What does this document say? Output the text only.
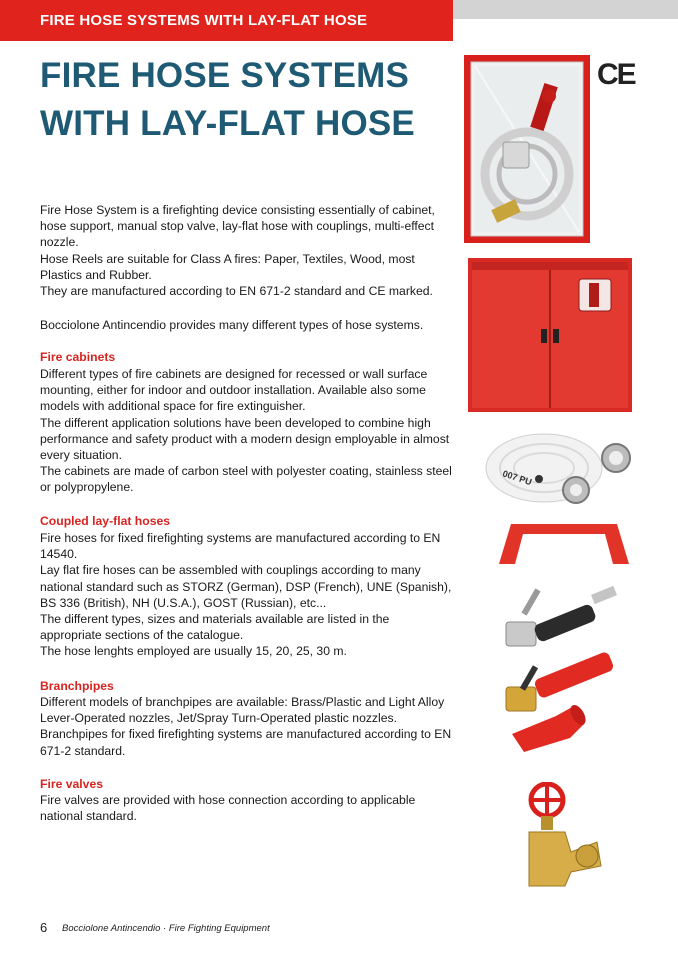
FIRE HOSE SYSTEMS WITH LAY-FLAT HOSE
FIRE HOSE SYSTEMS WITH LAY-FLAT HOSE
CE

Fire Hose System is a firefighting device consisting essentially of cabinet, hose support, manual stop valve, lay-flat hose with couplings, multi-effect nozzle.

Hose Reels are suitable for Class A fires: Paper, Textiles, Wood, most Plastics and Rubber.

They are manufactured according to EN 671-2 standard and CE marked.

Bocciolone Antincendio provides many different types of hose systems.

Fire cabinets

Different types of fire cabinets are designed for recessed or wall surface mounting, either for indoor and outdoor installation. Available also some models with additional space for fire extinguisher.

The different application solutions have been developed to combine high performance and safety product with a modern design employable in almost every situation.

The cabinets are made of carbon steel with polyester coating, stainless steel or polypropylene.

Coupled lay-flat hoses

Fire hoses for fixed firefighting systems are manufactured according to EN 14540.

Lay flat fire hoses can be assembled with couplings according to many national standard such as STORZ (German), DSP (French), UNE (Spanish), BS 336 (British), NH (U.S.A.), GOST (Russian), etc...

The different types, sizes and materials available are listed in the appropriate sections of the catalogue.

The hose lenghts employed are usually 15, 20, 25, 30 m.

Branchpipes

Different models of branchpipes are available: Brass/Plastic and Light Alloy Lever-Operated nozzles, Jet/Spray Turn-Operated plastic nozzles.

Branchpipes for fixed firefighting systems are manufactured according to EN 671-2 standard.

Fire valves

Fire valves are provided with hose connection according to applicable national standard.

007 PU
6 Bocciolone Antincendio · Fire Fighting Equipment
